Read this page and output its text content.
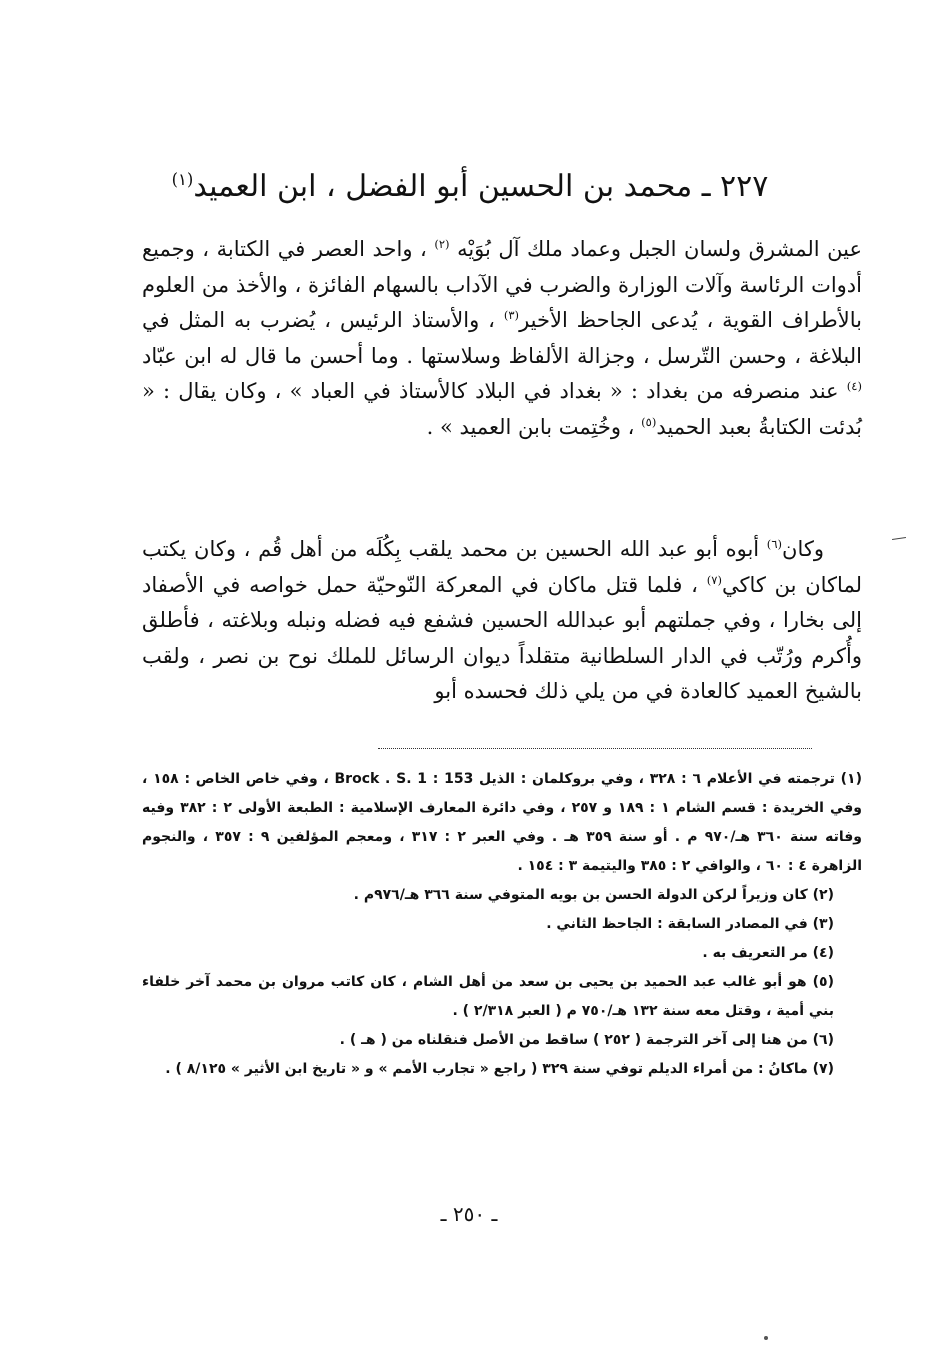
٢٢٧ ـ محمد بن الحسين أبو الفضل ، ابن العميد$^{(١)}$

عين المشرق ولسان الجبل وعماد ملك آل بُوَيْه $^{(٢)}$ ، واحد العصر في الكتابة ، وجميع أدوات الرئاسة وآلات الوزارة والضرب في الآداب بالسهام الفائزة ، والأخذ من العلوم بالأطراف القوية ، يُدعى الجاحظ الأخير$^{(٣)}$ ، والأستاذ الرئيس ، يُضرب به المثل في البلاغة ، وحسن التّرسل ، وجزالة الألفاظ وسلاستها . وما أحسن ما قال له ابن عبّاد $^{(٤)}$ عند منصرفه من بغداد : « بغداد في البلاد كالأستاذ في العباد » ، وكان يقال : « بُدئت الكتابةُ بعبد الحميد$^{(٥)}$ ، وخُتِمت بابن العميد » .

وكان$^{(٦)}$ أبوه أبو عبد الله الحسين بن محمد يلقب بِكُلَه من أهل قُم ، وكان يكتب لماكان بن كاكي$^{(٧)}$ ، فلما قتل ماكان في المعركة النّوحيّة حمل خواصه في الأصفاد إلى بخارا ، وفي جملتهم أبو عبدالله الحسين فشفع فيه فضله ونبله وبلاغته ، فأطلق وأُكرم ورُتّب في الدار السلطانية متقلداً ديوان الرسائل للملك نوح بن نصر ، ولقب بالشيخ العميد كالعادة في من يلي ذلك فحسده أبو

(١) ترجمته في الأعلام ٦ : ٣٢٨ ، وفي بروكلمان : الذيل Brock . S. 1 : 153 ، وفي خاص الخاص : ١٥٨ ، وفي الخريدة : قسم الشام ١ : ١٨٩ و ٢٥٧ ، وفي دائرة المعارف الإسلامية : الطبعة الأولى ٢ : ٣٨٢ وفيه وفاته سنة ٣٦٠ هـ/٩٧٠ م . أو سنة ٣٥٩ هـ . وفي العبر ٢ : ٣١٧ ، ومعجم المؤلفين ٩ : ٣٥٧ ، والنجوم الزاهرة ٤ : ٦٠ ، والوافي ٢ : ٣٨٥ واليتيمة ٣ : ١٥٤ .

(٢) كان وزيراً لركن الدولة الحسن بن بويه المتوفي سنة ٣٦٦ هـ/٩٧٦م .

(٣) في المصادر السابقة : الجاحظ الثاني .

(٤) مر التعريف به .

(٥) هو أبو غالب عبد الحميد بن يحيى بن سعد من أهل الشام ، كان كاتب مروان بن محمد آخر خلفاء بني أمية ، وقتل معه سنة ١٣٢ هـ/٧٥٠ م ( العبر ٢/٣١٨ ) .

(٦) من هنا إلى آخر الترجمة ( ٢٥٢ ) ساقط من الأصل فنقلناه من ( هـ ) .

(٧) ماكانُ : من أمراء الديلم توفي سنة ٣٢٩ ( راجع « تجارب الأمم » و « تاريخ ابن الأثير » ٨/١٢٥ ) .

ـ ٢٥٠ ـ
